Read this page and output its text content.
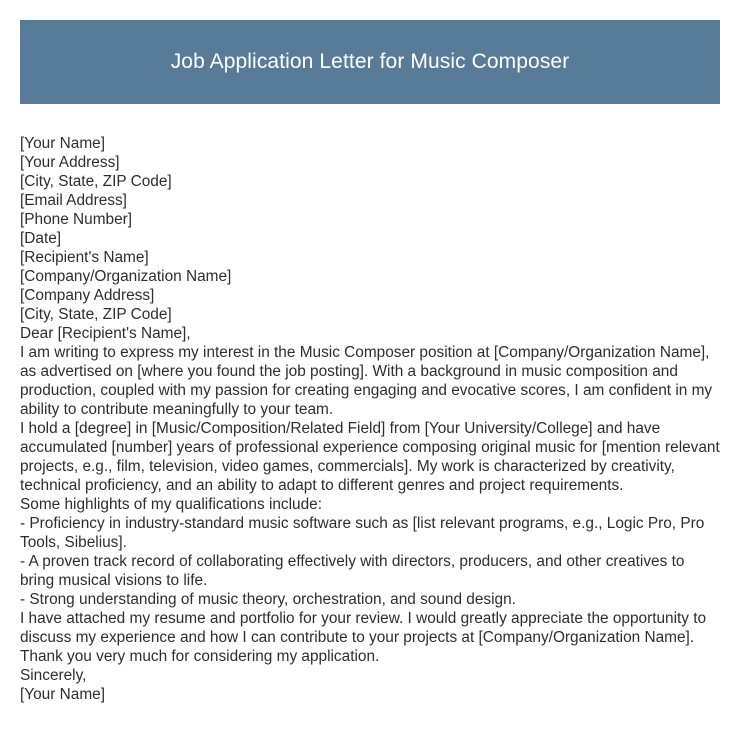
Job Application Letter for Music Composer
[Your Name]
[Your Address]
[City, State, ZIP Code]
[Email Address]
[Phone Number]
[Date]
[Recipient's Name]
[Company/Organization Name]
[Company Address]
[City, State, ZIP Code]
Dear [Recipient's Name],
I am writing to express my interest in the Music Composer position at [Company/Organization Name], as advertised on [where you found the job posting]. With a background in music composition and production, coupled with my passion for creating engaging and evocative scores, I am confident in my ability to contribute meaningfully to your team.
I hold a [degree] in [Music/Composition/Related Field] from [Your University/College] and have accumulated [number] years of professional experience composing original music for [mention relevant projects, e.g., film, television, video games, commercials]. My work is characterized by creativity, technical proficiency, and an ability to adapt to different genres and project requirements.
Some highlights of my qualifications include:
- Proficiency in industry-standard music software such as [list relevant programs, e.g., Logic Pro, Pro Tools, Sibelius].
- A proven track record of collaborating effectively with directors, producers, and other creatives to bring musical visions to life.
- Strong understanding of music theory, orchestration, and sound design.
I have attached my resume and portfolio for your review. I would greatly appreciate the opportunity to discuss my experience and how I can contribute to your projects at [Company/Organization Name]. Thank you very much for considering my application.
Sincerely,
[Your Name]
